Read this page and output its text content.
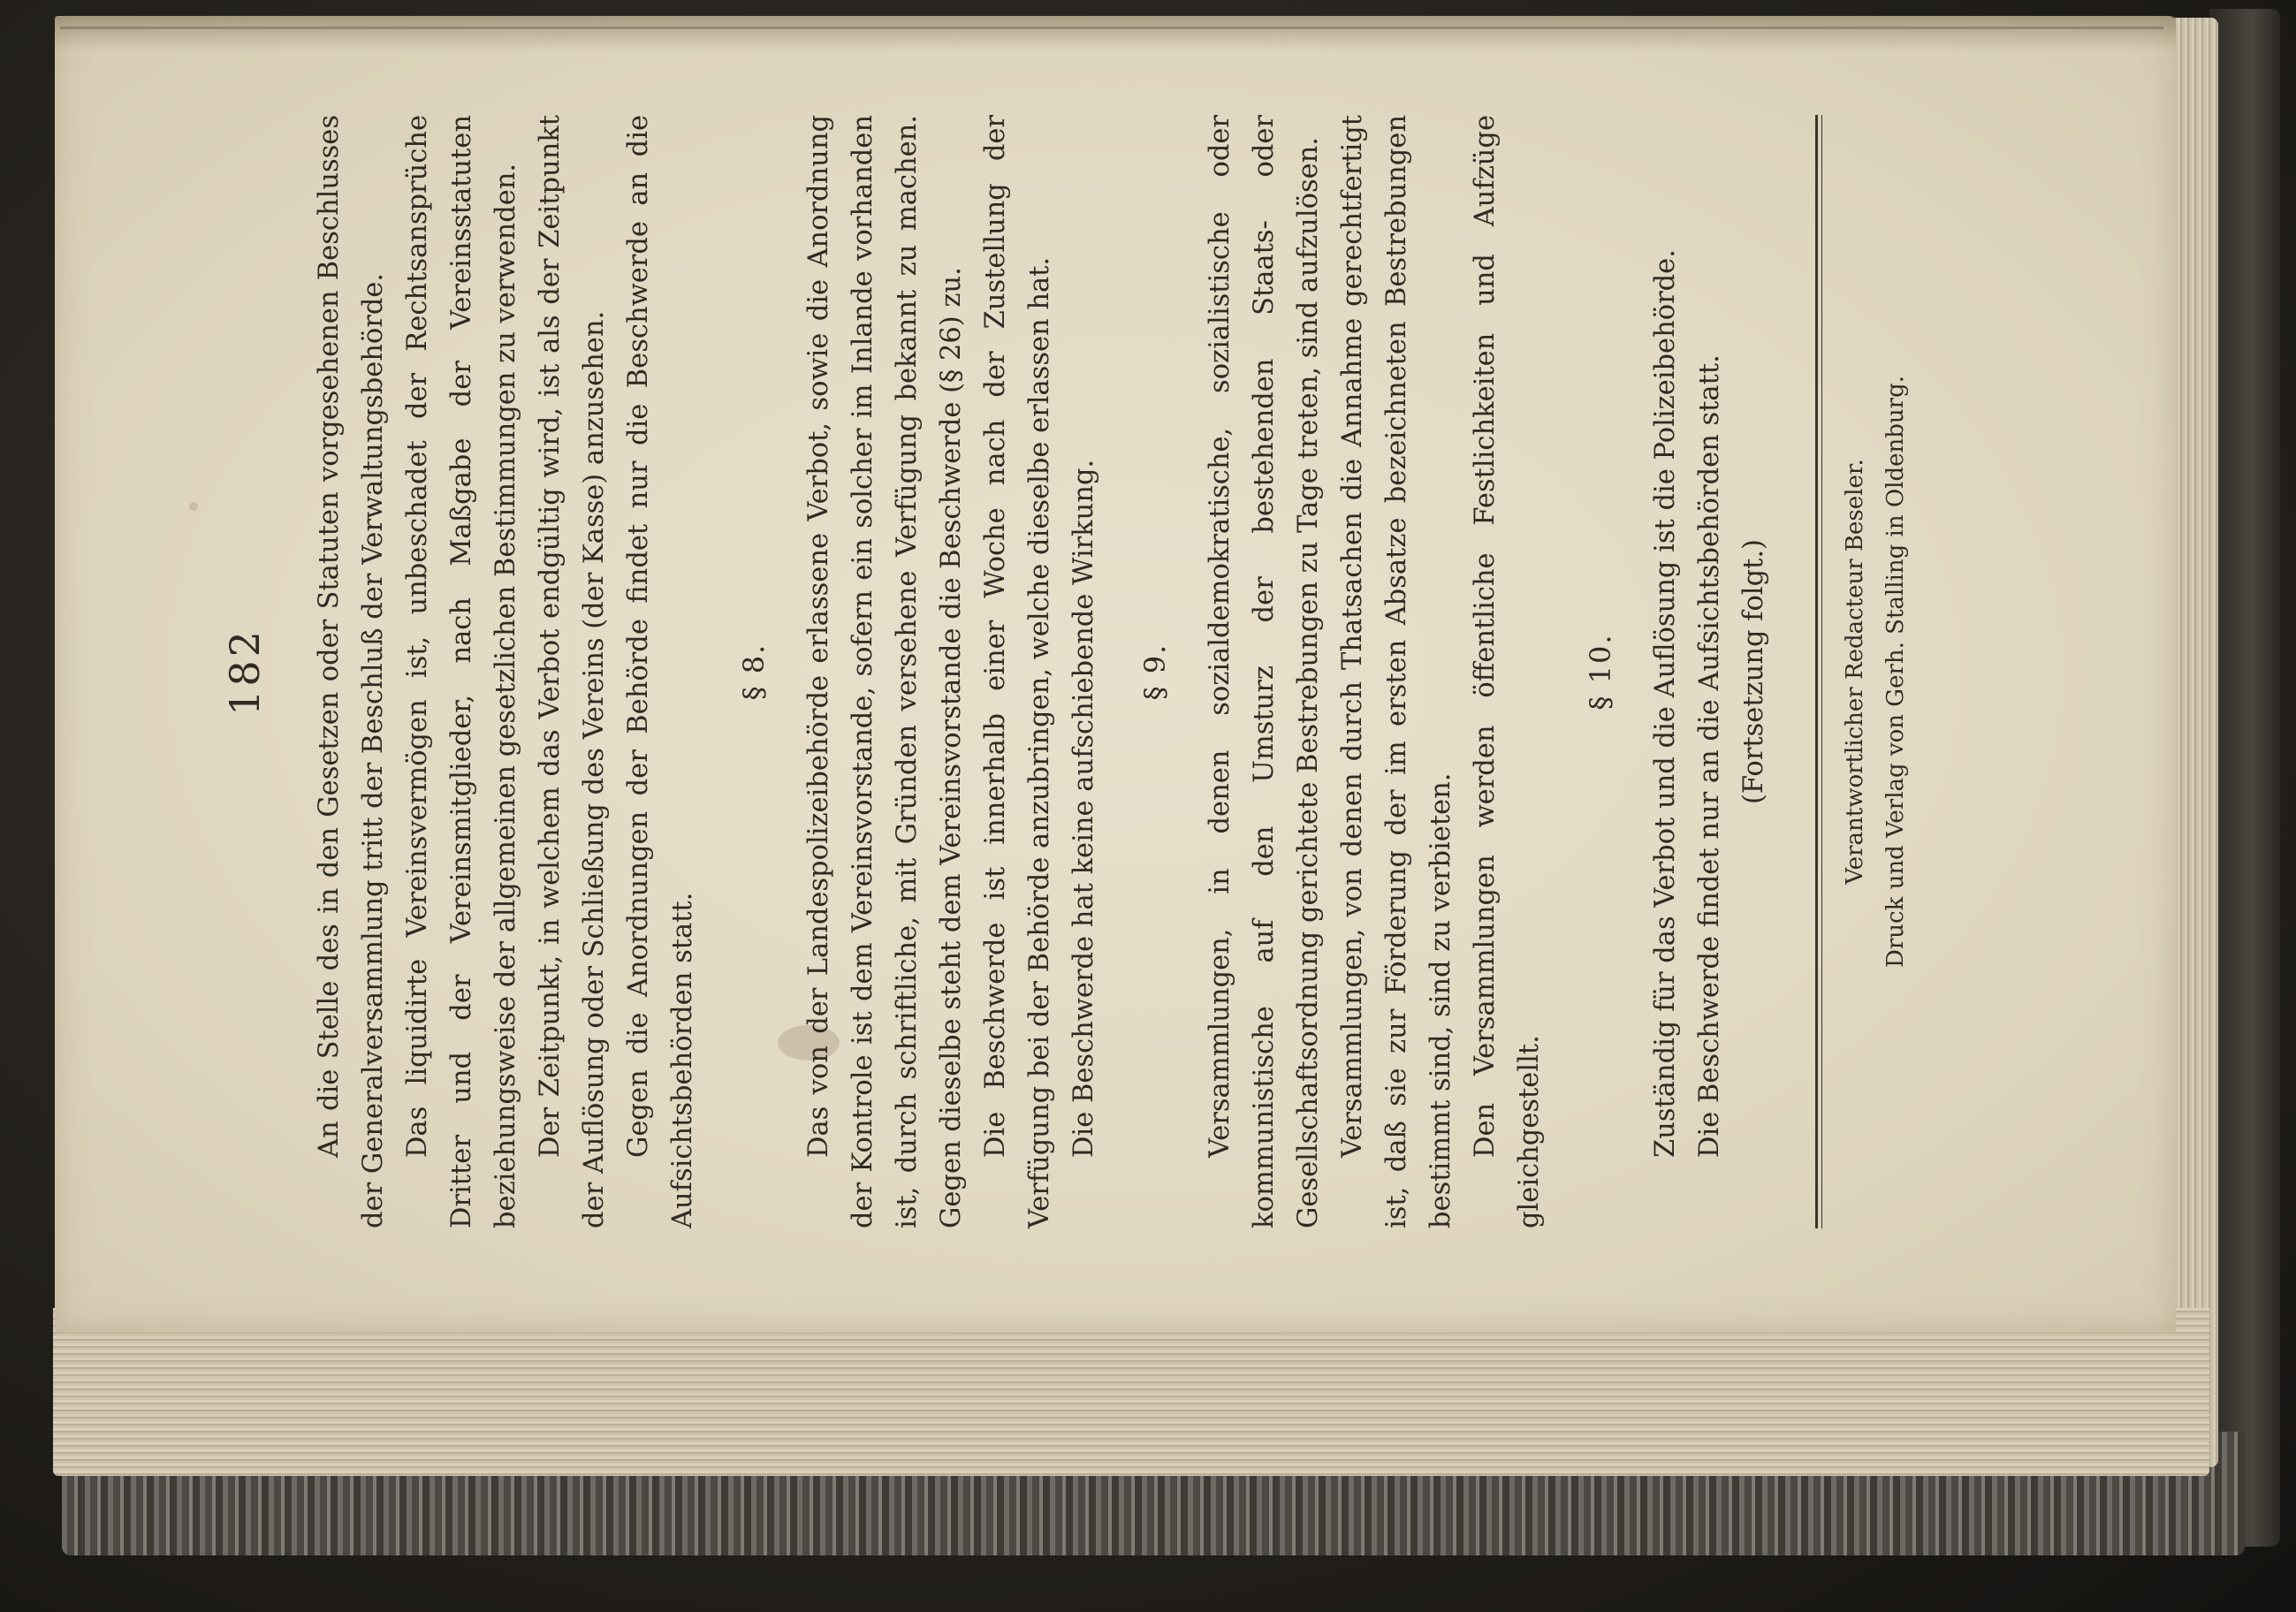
182 An die Stelle des in den Gesetzen oder Statuten vorgesehenen Beschlusses der Generalversammlung tritt der Beschluß der Verwaltungsbehörde. Das liquidirte Vereinsvermögen ist, unbeschadet der Rechtsansprüche Dritter und der Vereinsmitglieder, nach Maßgabe der Vereinsstatuten beziehungsweise der allgemeinen gesetzlichen Bestimmungen zu verwenden. Der Zeitpunkt, in welchem das Verbot endgültig wird, ist als der Zeitpunkt der Auflösung oder Schließung des Vereins (der Kasse) anzusehen. Gegen die Anordnungen der Behörde findet nur die Beschwerde an die Aufsichtsbehörden statt.

§ 8. Das von der Landespolizeibehörde erlassene Verbot, sowie die Anordnung der Kontrole ist dem Vereinsvorstande, sofern ein solcher im Inlande vorhanden ist, durch schriftliche, mit Gründen versehene Verfügung bekannt zu machen. Gegen dieselbe steht dem Vereinsvorstande die Beschwerde (§ 26) zu. Die Beschwerde ist innerhalb einer Woche nach der Zustellung der Verfügung bei der Behörde anzubringen, welche dieselbe erlassen hat. Die Beschwerde hat keine aufschiebende Wirkung. § 9. Versammlungen, in denen sozialdemokratische, sozialistische oder kommunistische auf den Umsturz der bestehenden Staats- oder Gesellschaftsordnung gerichtete Bestrebungen zu Tage treten, sind aufzulösen. Versammlungen, von denen durch Thatsachen die Annahme gerechtfertigt ist, daß sie zur Förderung der im ersten Absatze bezeichneten Bestrebungen bestimmt sind, sind zu verbieten. Den Versammlungen werden öffentliche Festlichkeiten und Aufzüge gleichgestellt.

§ 10. Zuständig für das Verbot und die Auflösung ist die Polizeibehörde. Die Beschwerde findet nur an die Aufsichtsbehörden statt. (Fortsetzung folgt.)	Verantwortlicher Redacteur Beseler. Druck und Verlag von Gerh. Stalling in Oldenburg.
